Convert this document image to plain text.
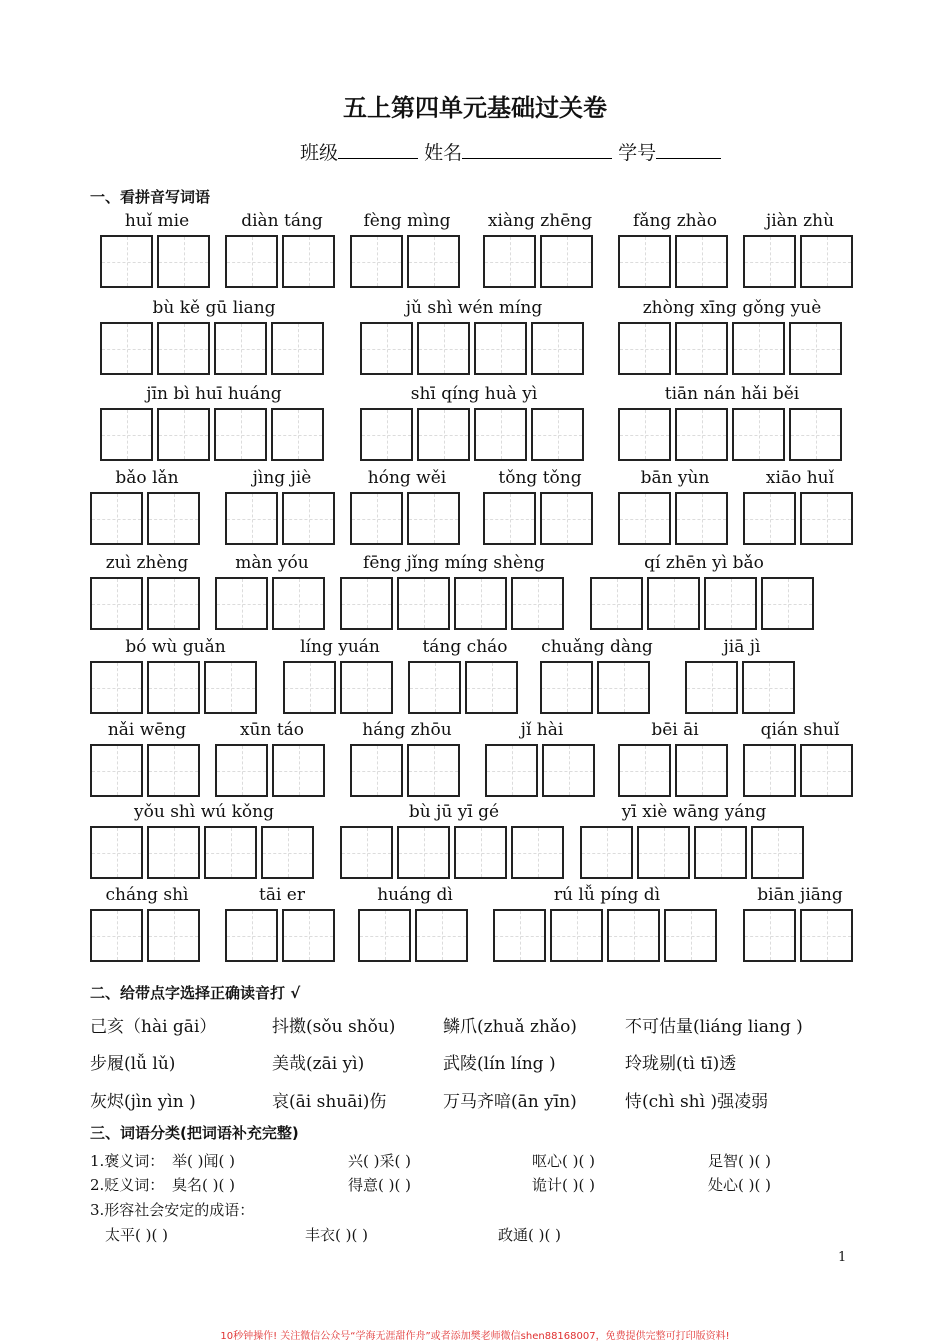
五上第四单元基础过关卷
班级	姓名	学号
一、看拼音写词语
huǐ mie	diàn táng	fèng mìng	xiàng zhēng	fǎng zhào	jiàn zhù
bù kě gū liang	jǔ shì wén míng	zhòng xīng gǒng yuè
jīn bì huī huáng	shī qíng huà yì	tiān nán hǎi běi
bǎo lǎn	jìng jiè	hóng wěi	tǒng tǒng	bān yùn	xiāo huǐ
zuì zhèng	màn yóu	fēng jǐng míng shèng	qí zhēn yì bǎo
bó wù guǎn	líng yuán	táng cháo	chuǎng dàng	jiā jì
nǎi wēng	xūn táo	háng zhōu	jǐ hài	bēi āi	qián shuǐ
yǒu shì wú kǒng	bù jū yī gé	yī xiè wāng yáng
cháng shì	tāi er	huáng dì	rú lǚ píng dì	biān jiāng
二、给带点字选择正确读音打 √
己亥（hài gāi）	抖擞(sǒu shǒu)	鳞爪(zhuǎ zhǎo)	不可估量(liáng liang )
步履(lǚ lǔ)	美哉(zāi yì)	武陵(lín líng )	玲珑剔(tì tī)透
灰烬(jìn yìn )	哀(āi shuāi)伤	万马齐喑(ān yīn)	恃(chì shì )强凌弱
三、词语分类(把词语补充完整)
1.褒义词： 举( )闻( )	兴( )采( )	呕心( )( )	足智( )( )
2.贬义词： 臭名( )( )	得意( )( )	诡计( )( )	处心( )( )
3.形容社会安定的成语：
太平( )( )	丰衣( )( )	政通( )( )
1
10秒钟操作! 关注微信公众号“学海无涯甜作舟”或者添加樊老师微信shen88168007，免费提供完整可打印版资料!
